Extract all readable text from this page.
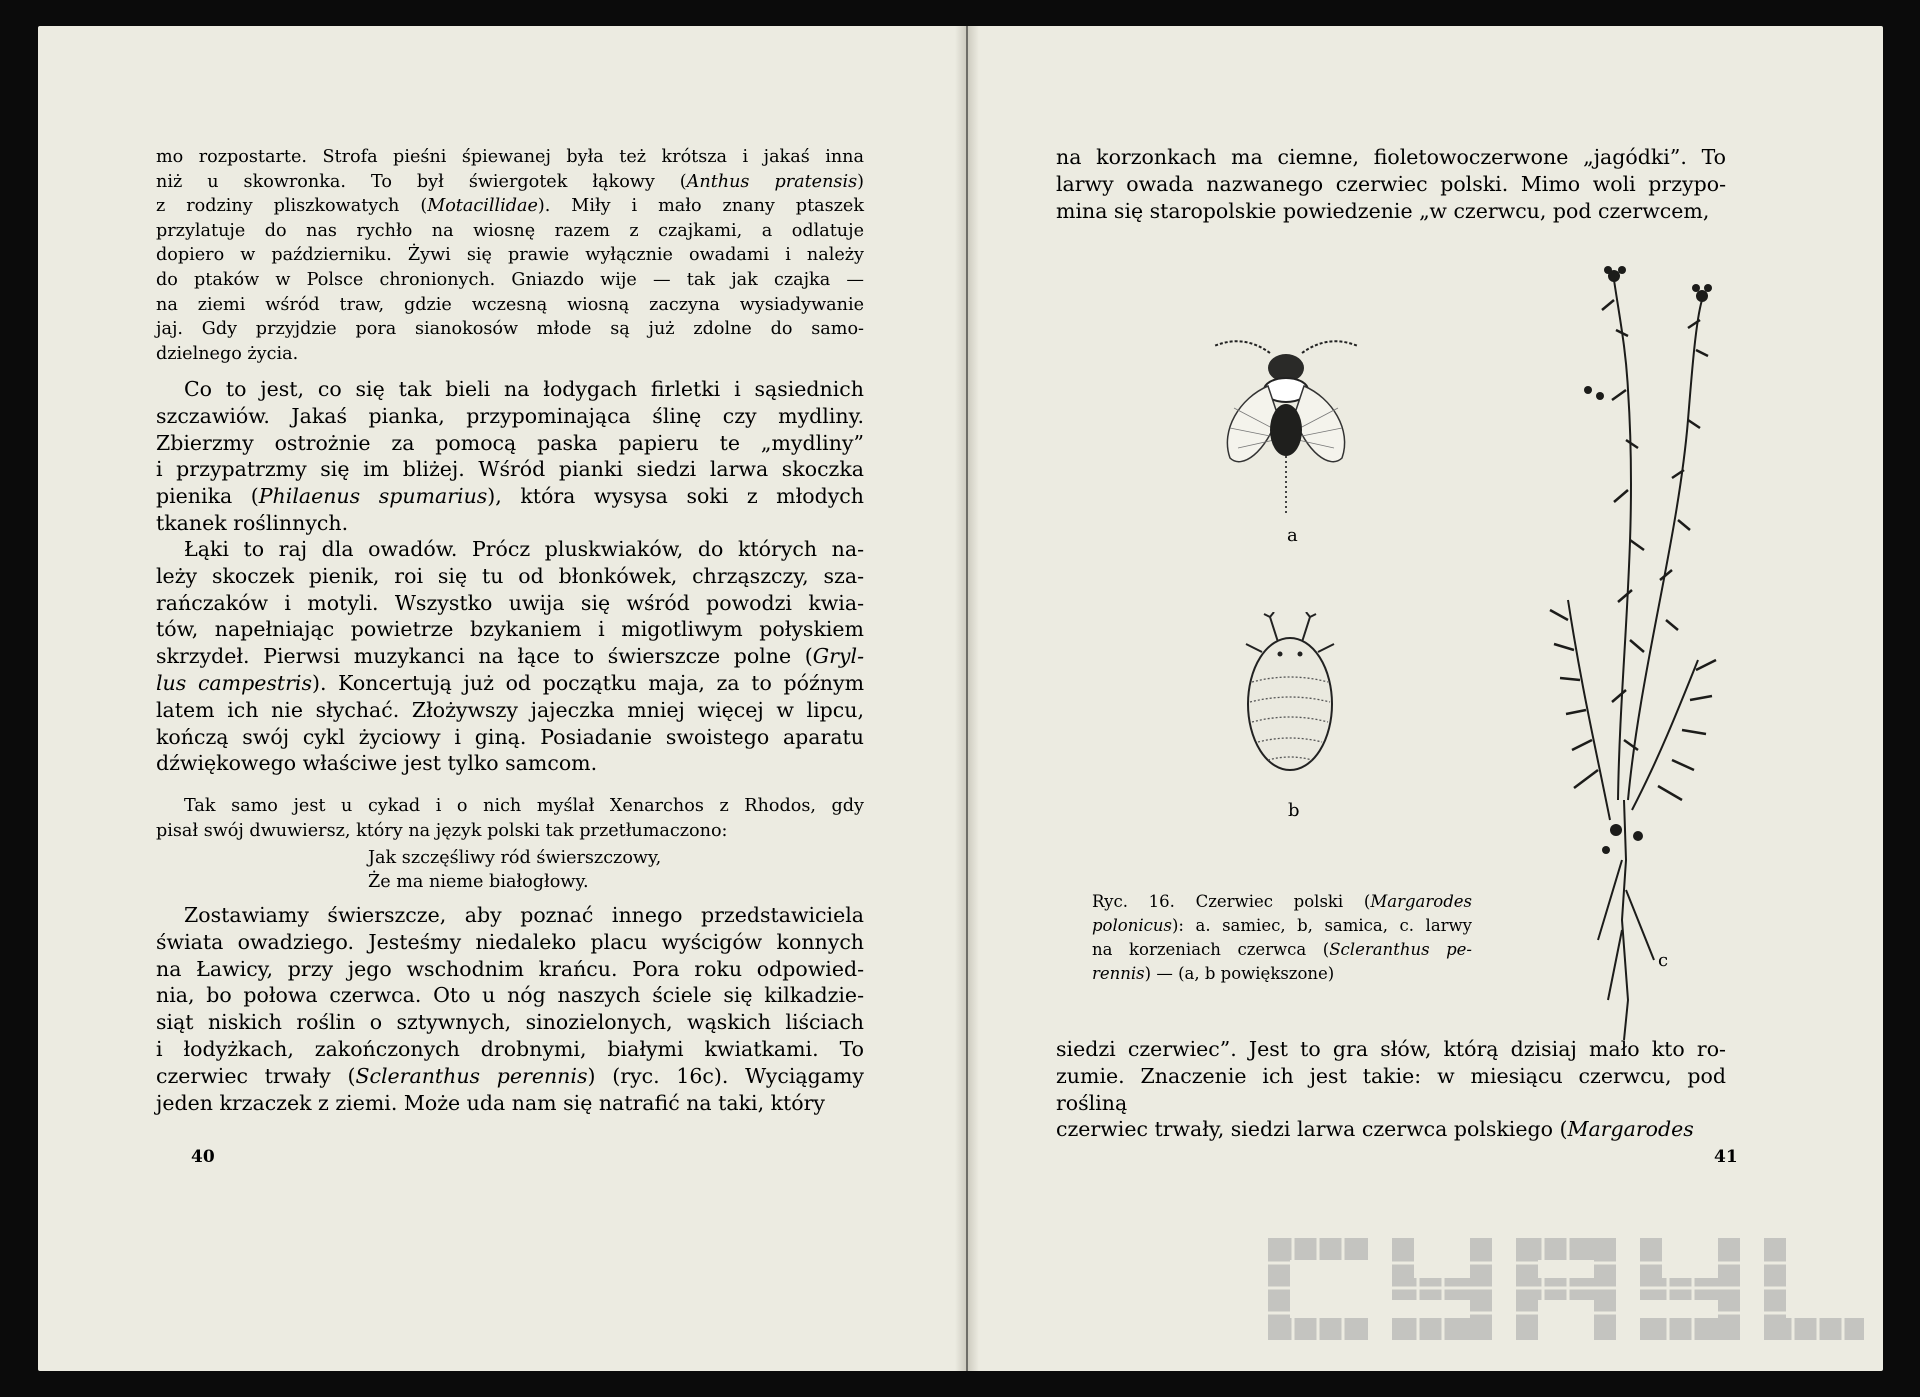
mo rozpostarte. Strofa pieśni śpiewanej była też krótsza i jakaś inna
niż u skowronka. To był świergotek łąkowy (Anthus pratensis)
z rodziny pliszkowatych (Motacillidae). Miły i mało znany ptaszek
przylatuje do nas rychło na wiosnę razem z czajkami, a odlatuje
dopiero w październiku. Żywi się prawie wyłącznie owadami i należy
do ptaków w Polsce chronionych. Gniazdo wije — tak jak czajka —
na ziemi wśród traw, gdzie wczesną wiosną zaczyna wysiadywanie
jaj. Gdy przyjdzie pora sianokosów młode są już zdolne do samo-
dzielnego życia.
Co to jest, co się tak bieli na łodygach firletki i sąsiednich
szczawiów. Jakaś pianka, przypominająca ślinę czy mydliny.
Zbierzmy ostrożnie za pomocą paska papieru te „mydliny”
i przypatrzmy się im bliżej. Wśród pianki siedzi larwa skoczka
pienika (Philaenus spumarius), która wysysa soki z młodych
tkanek roślinnych.
Łąki to raj dla owadów. Prócz pluskwiaków, do których na-
leży skoczek pienik, roi się tu od błonkówek, chrząszczy, sza-
rańczaków i motyli. Wszystko uwija się wśród powodzi kwia-
tów, napełniając powietrze bzykaniem i migotliwym połyskiem
skrzydeł. Pierwsi muzykanci na łące to świerszcze polne (Gryl-
lus campestris). Koncertują już od początku maja, za to późnym
latem ich nie słychać. Złożywszy jajeczka mniej więcej w lipcu,
kończą swój cykl życiowy i giną. Posiadanie swoistego aparatu
dźwiękowego właściwe jest tylko samcom.
Tak samo jest u cykad i o nich myślał Xenarchos z Rhodos, gdy
pisał swój dwuwiersz, który na język polski tak przetłumaczono:
Jak szczęśliwy ród świerszczowy,
Że ma nieme białogłowy.
Zostawiamy świerszcze, aby poznać innego przedstawiciela
świata owadziego. Jesteśmy niedaleko placu wyścigów konnych
na Ławicy, przy jego wschodnim krańcu. Pora roku odpowied-
nia, bo połowa czerwca. Oto u nóg naszych ściele się kilkadzie-
siąt niskich roślin o sztywnych, sinozielonych, wąskich liściach
i łodyżkach, zakończonych drobnymi, białymi kwiatkami. To
czerwiec trwały (Scleranthus perennis) (ryc. 16c). Wyciągamy
jeden krzaczek z ziemi. Może uda nam się natrafić na taki, który
40
na korzonkach ma ciemne, fioletowoczerwone „jagódki”. To
larwy owada nazwanego czerwiec polski. Mimo woli przypo-
mina się staropolskie powiedzenie „w czerwcu, pod czerwcem,
a
b
c
Ryc. 16. Czerwiec polski (Margarodes
polonicus): a. samiec, b, samica, c. larwy
na korzeniach czerwca (Scleranthus pe-
rennis) — (a, b powiększone)
siedzi czerwiec”. Jest to gra słów, którą dzisiaj mało kto ro-
zumie. Znaczenie ich jest takie: w miesiącu czerwcu, pod rośliną
czerwiec trwały, siedzi larwa czerwca polskiego (Margarodes
41
